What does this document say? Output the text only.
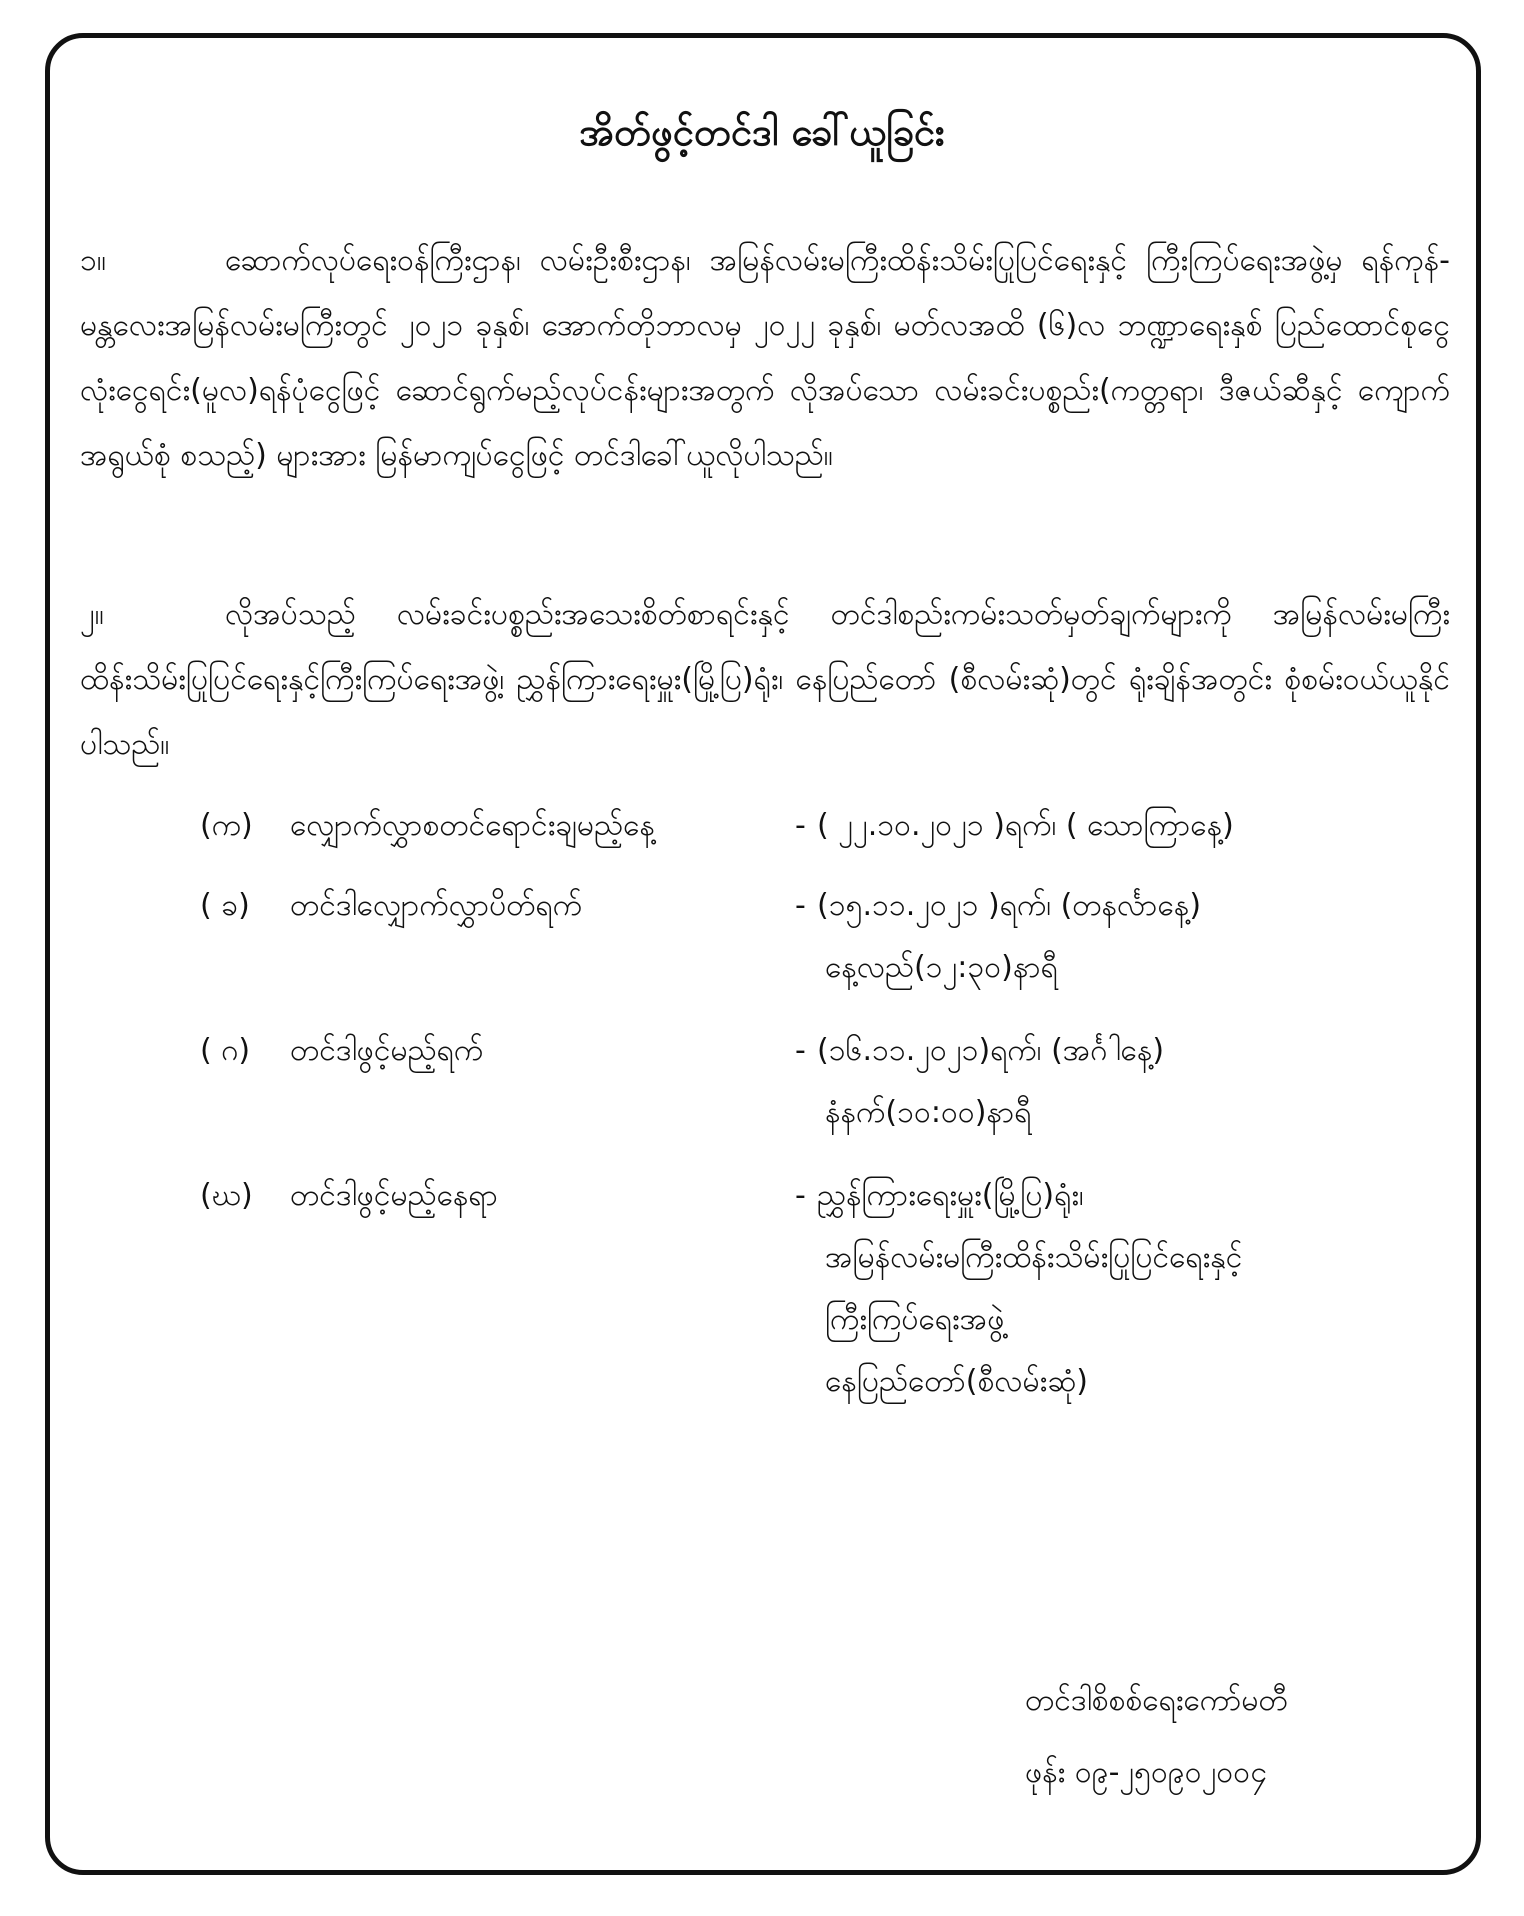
အိတ်ဖွင့်တင်ဒါ ခေါ်ယူခြင်း
၁။	ဆောက်လုပ်ရေးဝန်ကြီးဌာန၊ လမ်းဦးစီးဌာန၊ အမြန်လမ်းမကြီးထိန်းသိမ်းပြုပြင်ရေးနှင့် ကြီးကြပ်ရေးအဖွဲ့မှ ရန်ကုန်-မန္တလေးအမြန်လမ်းမကြီးတွင် ၂၀၂၁ ခုနှစ်၊ အောက်တိုဘာလမှ ၂၀၂၂ ခုနှစ်၊ မတ်လအထိ (၆)လ ဘဏ္ဍာရေးနှစ် ပြည်ထောင်စုငွေလုံးငွေရင်း(မူလ)ရန်ပုံငွေဖြင့် ဆောင်ရွက်မည့်လုပ်ငန်းများအတွက် လိုအပ်သော လမ်းခင်းပစ္စည်း(ကတ္တရာ၊ ဒီဇယ်ဆီနှင့် ကျောက်အရွယ်စုံ စသည့်) များအား မြန်မာကျပ်ငွေဖြင့် တင်ဒါခေါ်ယူလိုပါသည်။
၂။	လိုအပ်သည့် လမ်းခင်းပစ္စည်းအသေးစိတ်စာရင်းနှင့် တင်ဒါစည်းကမ်းသတ်မှတ်ချက်များကို အမြန်လမ်းမကြီးထိန်းသိမ်းပြုပြင်ရေးနှင့်ကြီးကြပ်ရေးအဖွဲ့၊ ညွှန်ကြားရေးမှူး(မြို့ပြ)ရုံး၊ နေပြည်တော် (စီလမ်းဆုံ)တွင် ရုံးချိန်အတွင်း စုံစမ်းဝယ်ယူနိုင်ပါသည်။
(က)	လျှောက်လွှာစတင်ရောင်းချမည့်နေ့	- ( ၂၂.၁၀.၂၀၂၁ )ရက်၊ ( သောကြာနေ့)
( ခ)	တင်ဒါလျှောက်လွှာပိတ်ရက်	- (၁၅.၁၁.၂၀၂၁ )ရက်၊ (တနင်္လာနေ့)
နေ့လည်(၁၂:၃၀)နာရီ
( ဂ)	တင်ဒါဖွင့်မည့်ရက်	- (၁၆.၁၁.၂၀၂၁)ရက်၊ (အင်္ဂါနေ့)
နံနက်(၁၀:၀၀)နာရီ
(ဃ)	တင်ဒါဖွင့်မည့်နေရာ	- ညွှန်ကြားရေးမှူး(မြို့ပြ)ရုံး၊
အမြန်လမ်းမကြီးထိန်းသိမ်းပြုပြင်ရေးနှင့်
ကြီးကြပ်ရေးအဖွဲ့
နေပြည်တော်(စီလမ်းဆုံ)
တင်ဒါစိစစ်ရေးကော်မတီ
ဖုန်း ၀၉-၂၅၀၉၀၂၀၀၄
